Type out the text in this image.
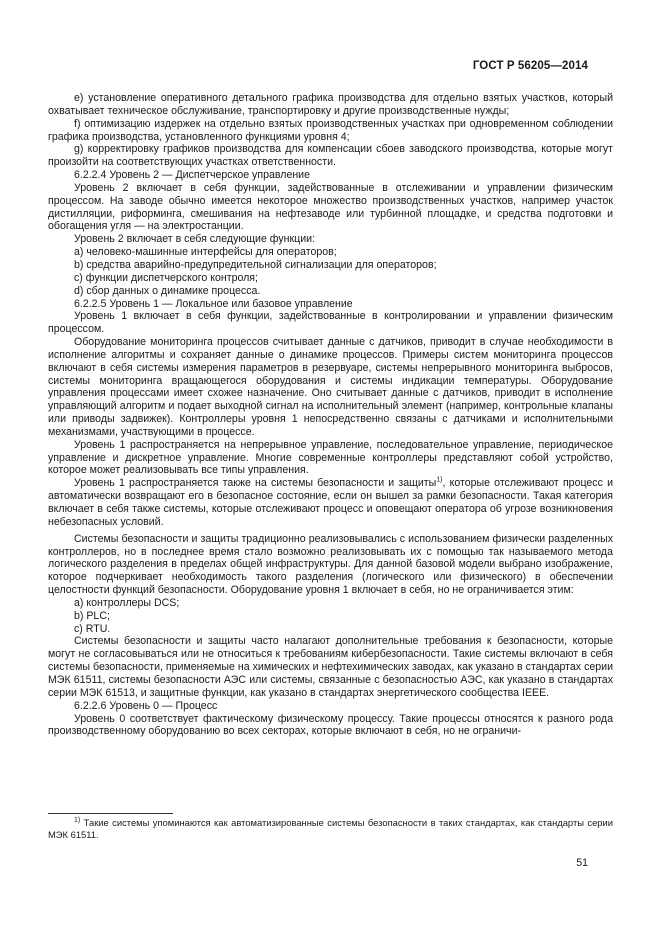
ГОСТ Р 56205—2014

e) установление оперативного детального графика производства для отдельно взятых участков, который охватывает техническое обслуживание, транспортировку и другие производственные нужды;

f) оптимизацию издержек на отдельно взятых производственных участках при одновременном соблюдении графика производства, установленного функциями уровня 4;

g) корректировку графиков производства для компенсации сбоев заводского производства, которые могут произойти на соответствующих участках ответственности.

6.2.2.4 Уровень 2 — Диспетчерское управление

Уровень 2 включает в себя функции, задействованные в отслеживании и управлении физическим процессом. На заводе обычно имеется некоторое множество производственных участков, например участок дистилляции, риформинга, смешивания на нефтезаводе или турбинной площадке, и средства подготовки и обогащения угля — на электростанции.

Уровень 2 включает в себя следующие функции:

a) человеко-машинные интерфейсы для операторов;

b) средства аварийно-предупредительной сигнализации для операторов;

c) функции диспетчерского контроля;

d) сбор данных о динамике процесса.

6.2.2.5 Уровень 1 — Локальное или базовое управление

Уровень 1 включает в себя функции, задействованные в контролировании и управлении физическим процессом.

Оборудование мониторинга процессов считывает данные с датчиков, приводит в случае необходимости в исполнение алгоритмы и сохраняет данные о динамике процессов. Примеры систем мониторинга процессов включают в себя системы измерения параметров в резервуаре, системы непрерывного мониторинга выбросов, системы мониторинга вращающегося оборудования и системы индикации температуры. Оборудование управления процессами имеет схожее назначение. Оно считывает данные с датчиков, приводит в исполнение управляющий алгоритм и подает выходной сигнал на исполнительный элемент (например, контрольные клапаны или приводы задвижек). Контроллеры уровня 1 непосредственно связаны с датчиками и исполнительными механизмами, участвующими в процессе.

Уровень 1 распространяется на непрерывное управление, последовательное управление, периодическое управление и дискретное управление. Многие современные контроллеры представляют собой устройство, которое может реализовывать все типы управления.

Уровень 1 распространяется также на системы безопасности и защиты$^{1)}$, которые отслеживают процесс и автоматически возвращают его в безопасное состояние, если он вышел за рамки безопасности. Такая категория включает в себя также системы, которые отслеживают процесс и оповещают оператора об угрозе возникновения небезопасных условий.

Системы безопасности и защиты традиционно реализовывались с использованием физически разделенных контроллеров, но в последнее время стало возможно реализовывать их с помощью так называемого метода логического разделения в пределах общей инфраструктуры. Для данной базовой модели выбрано изображение, которое подчеркивает необходимость такого разделения (логического или физического) в обеспечении целостности функций безопасности. Оборудование уровня 1 включает в себя, но не ограничивается этим:

a) контроллеры DCS;

b) PLC;

c) RTU.

Системы безопасности и защиты часто налагают дополнительные требования к безопасности, которые могут не согласовываться или не относиться к требованиям кибербезопасности. Такие системы включают в себя системы безопасности, применяемые на химических и нефтехимических заводах, как указано в стандартах серии МЭК 61511, системы безопасности АЭС или системы, связанные с безопасностью АЭС, как указано в стандартах серии МЭК 61513, и защитные функции, как указано в стандартах энергетического сообщества IEEE.

6.2.2.6 Уровень 0 — Процесс

Уровень 0 соответствует фактическому физическому процессу. Такие процессы относятся к разного рода производственному оборудованию во всех секторах, которые включают в себя, но не ограничи-

$^{1)}$ Такие системы упоминаются как автоматизированные системы безопасности в таких стандартах, как стандарты серии МЭК 61511.
51
